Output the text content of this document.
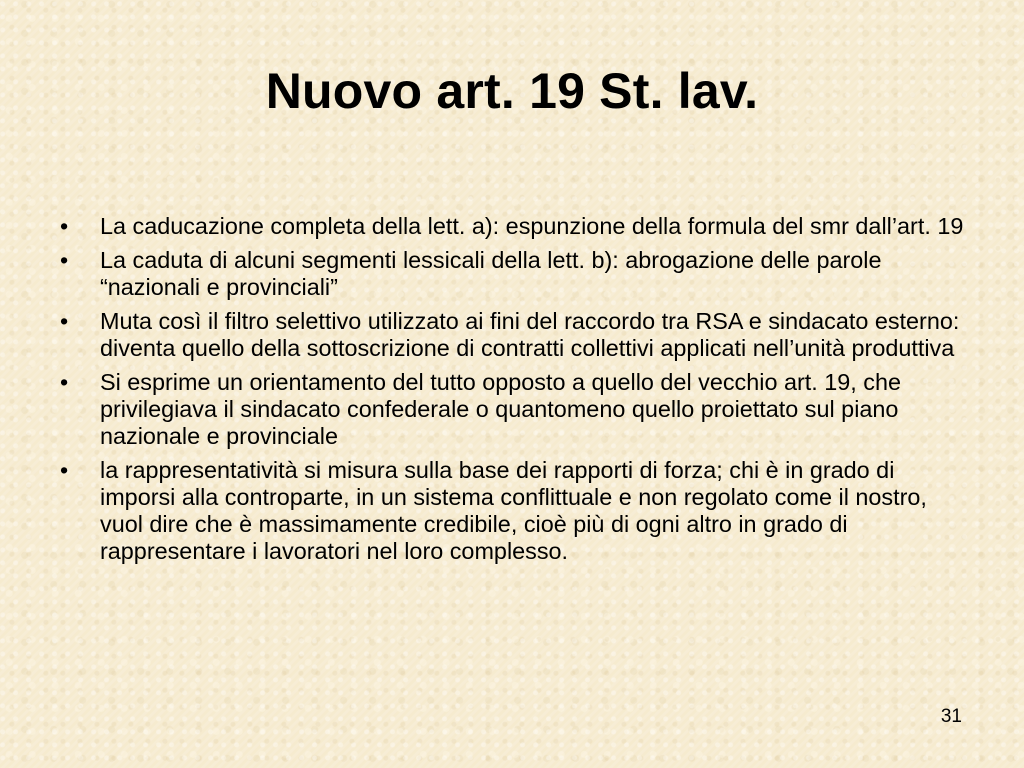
Nuovo art. 19 St. lav.
•	La caducazione completa della lett. a): espunzione della formula del smr dall’art. 19
•	La caduta di alcuni segmenti lessicali della lett. b): abrogazione delle parole “nazionali e provinciali”
•	Muta così il filtro selettivo utilizzato ai fini del raccordo tra RSA e sindacato esterno: diventa quello della sottoscrizione di contratti collettivi applicati nell’unità produttiva
•	Si esprime un orientamento del tutto opposto a quello del vecchio art. 19, che privilegiava il sindacato confederale o quantomeno quello proiettato sul piano nazionale e provinciale
•	la rappresentatività si misura sulla base dei rapporti di forza; chi è in grado di imporsi alla controparte, in un sistema conflittuale e non regolato come il nostro, vuol dire che è massimamente credibile, cioè più di ogni altro in grado di rappresentare i lavoratori nel loro complesso.
31
